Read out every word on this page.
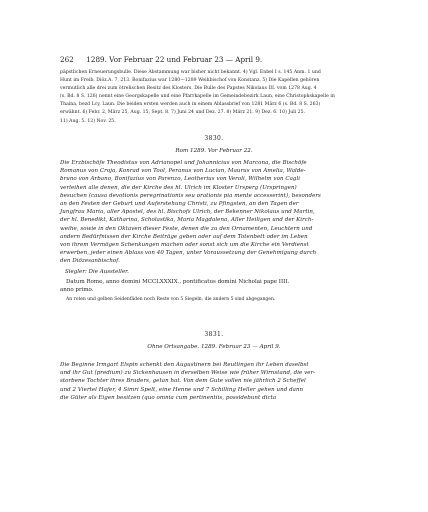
262 1289. Vor Februar 22 und Februar 23 — April 9.

päpstlichen Erneuerungsbulle. Diese Abstammung war bisher nicht bekannt. 4) Vgl. Enbel I s. 145 Anm. 1 und

Hunt im Freib. Diöz.A. 7, 213. Bonifazius war 1280—1289 Weihbischof von Konstanz. 5) Die Kapellen gehören

vermutlich alle drei zum ötrelischen Besitz des Klosters. Die Bulle des Papstes Nikolaus III. vom 1278 Aug. 4

(s. Bd. 8 S. 126) nennt eine Georgskapelle und eine Pfarrkapelle im Gemeindebezirk Laun, eine Christophskapelle in

Thaina, bezd Lcy, Laun. Die beiden ersten werden auch in einem Ablassbrief von 1281 März 6 (s. Bd. 8 S. 263)

erwähnt. 6) Febr. 2, März 25, Aug. 15, Sept. 8. 7) Juni 24 und Dez. 27. 8) März 21. 9) Dez. 6. 10) Juli 25.

11) Aug. 5. 12) Nov. 25.

3830.
Rom 1289. Vor Februar 22.

Die Erzbischöfe Theodistus von Adrianopel und Johannicius von Marcona, die Bischöfe

Romanus von Croja, Konrad von Tool, Peranus von Lucian, Maurus von Amelia, Walde-

bruno von Arbano, Bonifazius von Parenzo, Leotherius von Veroli, Wilhelm von Cagli

verleihen alle denen, die der Kirche des hl. Ulrich im Kloster Ursperg (Urspringen)

besuchen (causa devotionis peregrinationis seu orationis pia mente accesserint), besonders

an den Festen der Geburt und Auferstehung Christi, zu Pfingsten, an den Tagen der

Jungfrau Maria, aller Apostel, des hl. Bischofs Ulrich, der Bekenner Nikolaus und Martin,

der hl. Benedikt, Katharina, Scholastika, Maria Magdalena, Aller Heiligen und der Kirch-

weihe, sowie in den Oktaven dieser Feste, denen die zu den Ornamenten, Leuchtern und

andern Bedürfnissen der Kirche Beiträge geben oder auf dem Totenbett oder im Leben

von ihrem Vermögen Schenkungen machen oder sonst sich um die Kirche ein Verdienst

erwerben, jeder einen Ablass von 40 Tagen, unter Voraussetzung der Genehmigung durch

den Diözesanbischof.

Siegler: Die Aussteller.

Datum Rome, anno domini MCCLXXXIX., pontificatus domini Nicholai pape IIII.

anno primo.

An roten und gelben Seidenfäden noch Reste von 5 Siegeln, die andern 5 sind abgegangen.
3831.
Ohne Ortsangabe. 1289. Februar 23 — April 9.

Die Beginne Irmgart Elspin schenkt den Augustinern bei Reutlingen ihr Leben daselbst

und ihr Gut (predium) zu Sickenhausen in derselben Weise wie früher Wirnstand, die ver-

storbene Tochter ihres Bruders, getan hat. Von dem Gute sollen nie jährlich 2 Scheffel

und 2 Viertel Hafer, 4 Simri Spelt, eine Henne und 7 Schilling Heller gehen und dann

die Güter als Eigen besitzen (quo omnia cum pertinentiis, possidebunt dicta
